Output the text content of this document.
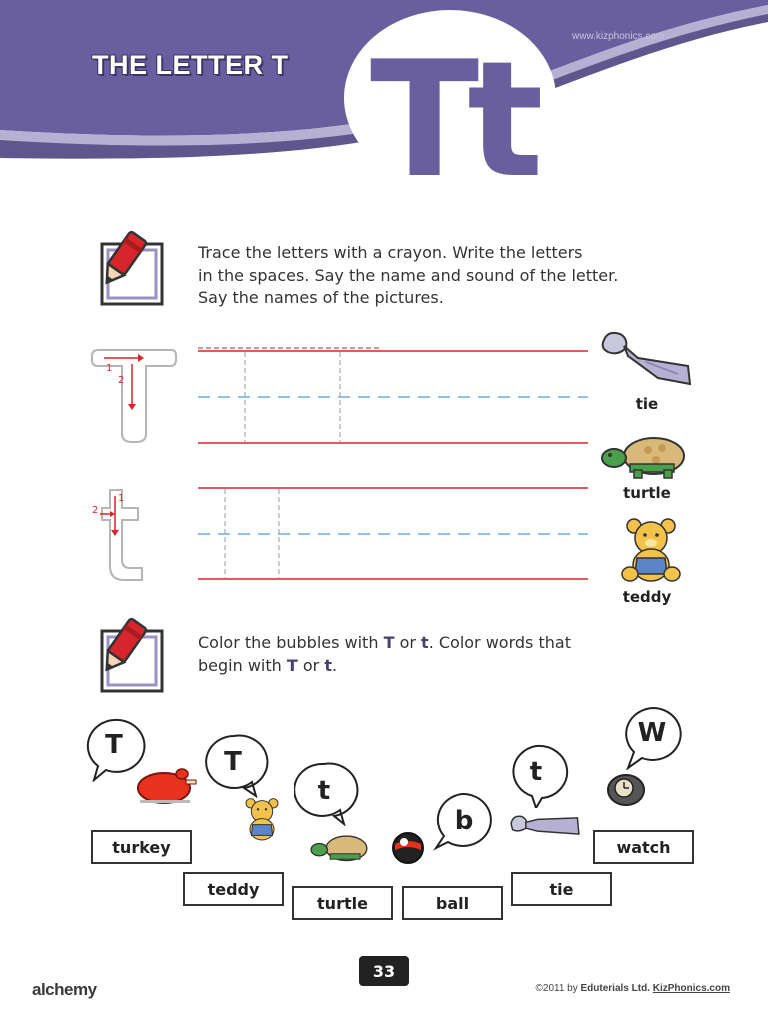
THE LETTER T
www.kizphonics.com
Tt
Trace the letters with a crayon. Write the letters
in the spaces. Say the name and sound of the letter.
Say the names of the pictures.
1
2
1
2
tie
turtle
teddy
Color the bubbles with T or t. Color words that
begin with T or t.
T
T
t
b
t
W
turkey
teddy
turtle	ball
tie
watch
33
alchemy	©2011 by Eduterials Ltd. KizPhonics.com
